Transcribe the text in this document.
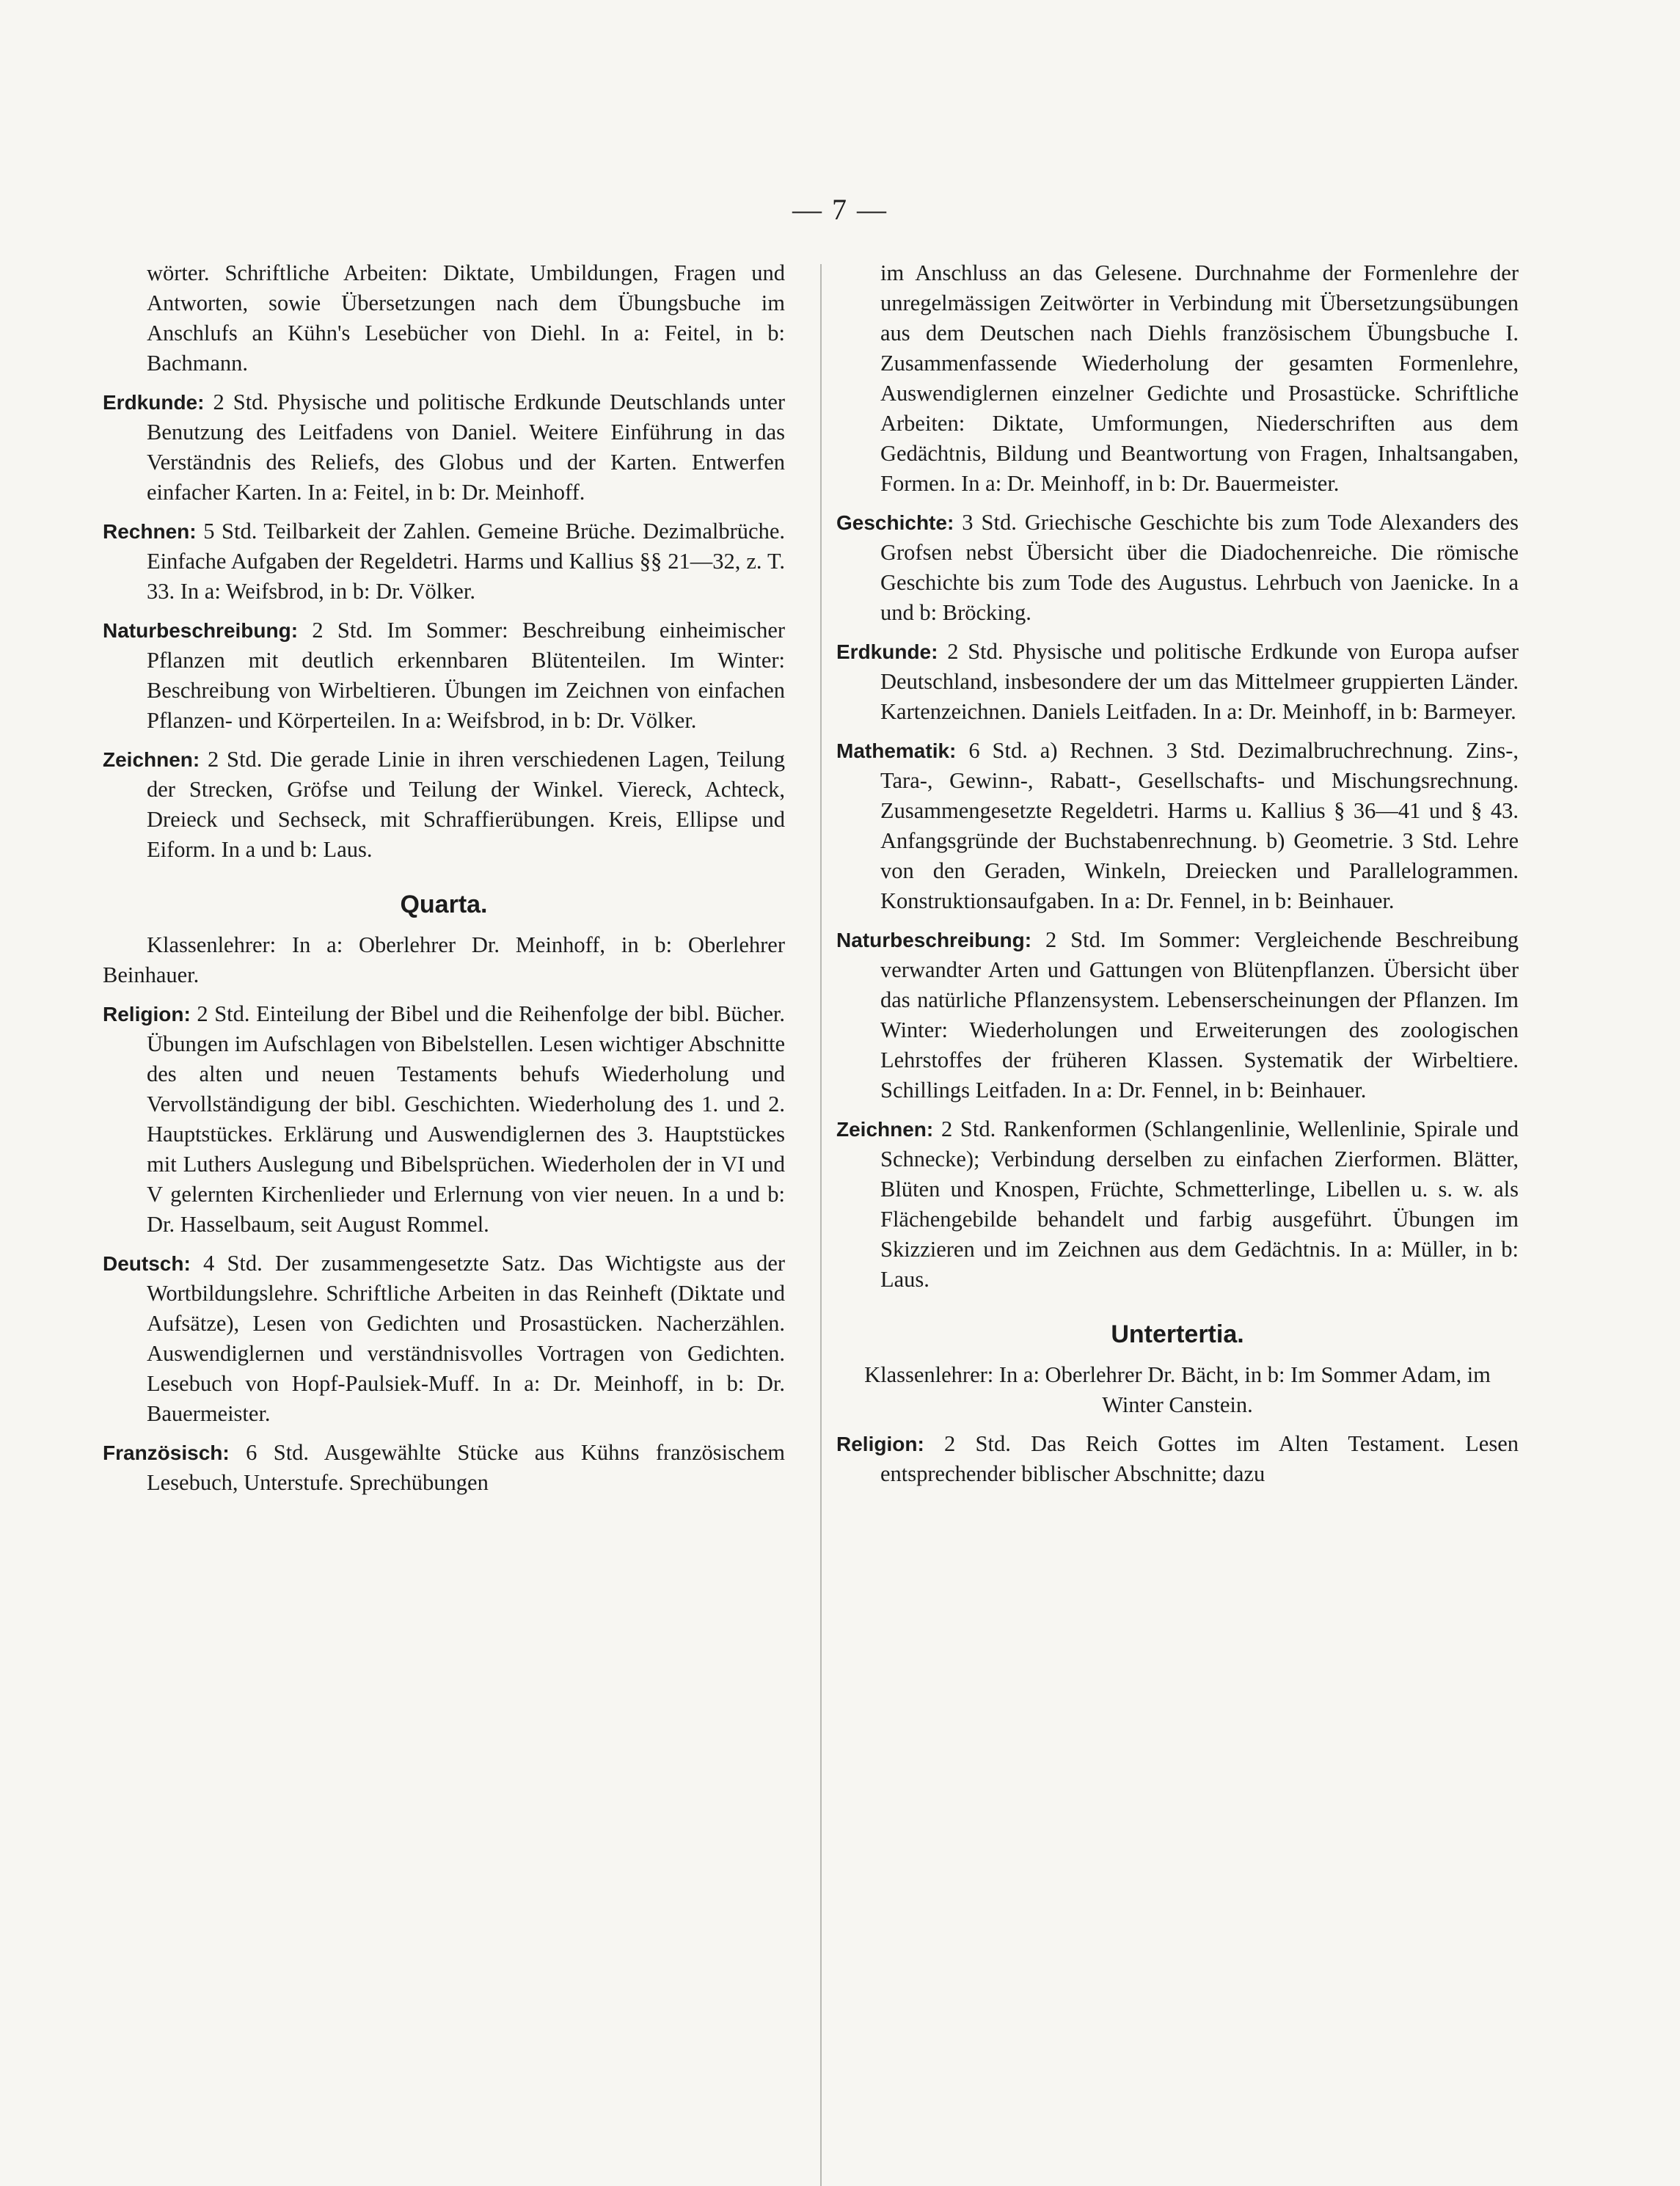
— 7 —

wörter. Schriftliche Arbeiten: Diktate, Umbildungen, Fragen und Antworten, sowie Übersetzungen nach dem Übungsbuche im Anschlufs an Kühn's Lesebücher von Diehl. In a: Feitel, in b: Bachmann.

Erdkunde: 2 Std. Physische und politische Erdkunde Deutschlands unter Benutzung des Leitfadens von Daniel. Weitere Einführung in das Verständnis des Reliefs, des Globus und der Karten. Entwerfen einfacher Karten. In a: Feitel, in b: Dr. Meinhoff.

Rechnen: 5 Std. Teilbarkeit der Zahlen. Gemeine Brüche. Dezimalbrüche. Einfache Aufgaben der Regeldetri. Harms und Kallius §§ 21—32, z. T. 33. In a: Weifsbrod, in b: Dr. Völker.

Naturbeschreibung: 2 Std. Im Sommer: Beschreibung einheimischer Pflanzen mit deutlich erkennbaren Blütenteilen. Im Winter: Beschreibung von Wirbeltieren. Übungen im Zeichnen von einfachen Pflanzen- und Körperteilen. In a: Weifsbrod, in b: Dr. Völker.

Zeichnen: 2 Std. Die gerade Linie in ihren verschiedenen Lagen, Teilung der Strecken, Gröfse und Teilung der Winkel. Viereck, Achteck, Dreieck und Sechseck, mit Schraffierübungen. Kreis, Ellipse und Eiform. In a und b: Laus.

Quarta.

Klassenlehrer: In a: Oberlehrer Dr. Meinhoff, in b: Oberlehrer Beinhauer.

Religion: 2 Std. Einteilung der Bibel und die Reihenfolge der bibl. Bücher. Übungen im Aufschlagen von Bibelstellen. Lesen wichtiger Abschnitte des alten und neuen Testaments behufs Wiederholung und Vervollständigung der bibl. Geschichten. Wiederholung des 1. und 2. Hauptstückes. Erklärung und Auswendiglernen des 3. Hauptstückes mit Luthers Auslegung und Bibelsprüchen. Wiederholen der in VI und V gelernten Kirchenlieder und Erlernung von vier neuen. In a und b: Dr. Hasselbaum, seit August Rommel.

Deutsch: 4 Std. Der zusammengesetzte Satz. Das Wichtigste aus der Wortbildungslehre. Schriftliche Arbeiten in das Reinheft (Diktate und Aufsätze), Lesen von Gedichten und Prosastücken. Nacherzählen. Auswendiglernen und verständnisvolles Vortragen von Gedichten. Lesebuch von Hopf-Paulsiek-Muff. In a: Dr. Meinhoff, in b: Dr. Bauermeister.

Französisch: 6 Std. Ausgewählte Stücke aus Kühns französischem Lesebuch, Unterstufe. Sprechübungen

im Anschluss an das Gelesene. Durchnahme der Formenlehre der unregelmässigen Zeitwörter in Verbindung mit Übersetzungsübungen aus dem Deutschen nach Diehls französischem Übungsbuche I. Zusammenfassende Wiederholung der gesamten Formenlehre, Auswendiglernen einzelner Gedichte und Prosastücke. Schriftliche Arbeiten: Diktate, Umformungen, Niederschriften aus dem Gedächtnis, Bildung und Beantwortung von Fragen, Inhaltsangaben, Formen. In a: Dr. Meinhoff, in b: Dr. Bauermeister.

Geschichte: 3 Std. Griechische Geschichte bis zum Tode Alexanders des Grofsen nebst Übersicht über die Diadochenreiche. Die römische Geschichte bis zum Tode des Augustus. Lehrbuch von Jaenicke. In a und b: Bröcking.

Erdkunde: 2 Std. Physische und politische Erdkunde von Europa aufser Deutschland, insbesondere der um das Mittelmeer gruppierten Länder. Kartenzeichnen. Daniels Leitfaden. In a: Dr. Meinhoff, in b: Barmeyer.

Mathematik: 6 Std. a) Rechnen. 3 Std. Dezimalbruchrechnung. Zins-, Tara-, Gewinn-, Rabatt-, Gesellschafts- und Mischungsrechnung. Zusammengesetzte Regeldetri. Harms u. Kallius § 36—41 und § 43. Anfangsgründe der Buchstabenrechnung. b) Geometrie. 3 Std. Lehre von den Geraden, Winkeln, Dreiecken und Parallelogrammen. Konstruktionsaufgaben. In a: Dr. Fennel, in b: Beinhauer.

Naturbeschreibung: 2 Std. Im Sommer: Vergleichende Beschreibung verwandter Arten und Gattungen von Blütenpflanzen. Übersicht über das natürliche Pflanzensystem. Lebenserscheinungen der Pflanzen. Im Winter: Wiederholungen und Erweiterungen des zoologischen Lehrstoffes der früheren Klassen. Systematik der Wirbeltiere. Schillings Leitfaden. In a: Dr. Fennel, in b: Beinhauer.

Zeichnen: 2 Std. Rankenformen (Schlangenlinie, Wellenlinie, Spirale und Schnecke); Verbindung derselben zu einfachen Zierformen. Blätter, Blüten und Knospen, Früchte, Schmetterlinge, Libellen u. s. w. als Flächengebilde behandelt und farbig ausgeführt. Übungen im Skizzieren und im Zeichnen aus dem Gedächtnis. In a: Müller, in b: Laus.

Untertertia.

Klassenlehrer: In a: Oberlehrer Dr. Bächt, in b: Im Sommer Adam, im Winter Canstein.

Religion: 2 Std. Das Reich Gottes im Alten Testament. Lesen entsprechender biblischer Abschnitte; dazu
